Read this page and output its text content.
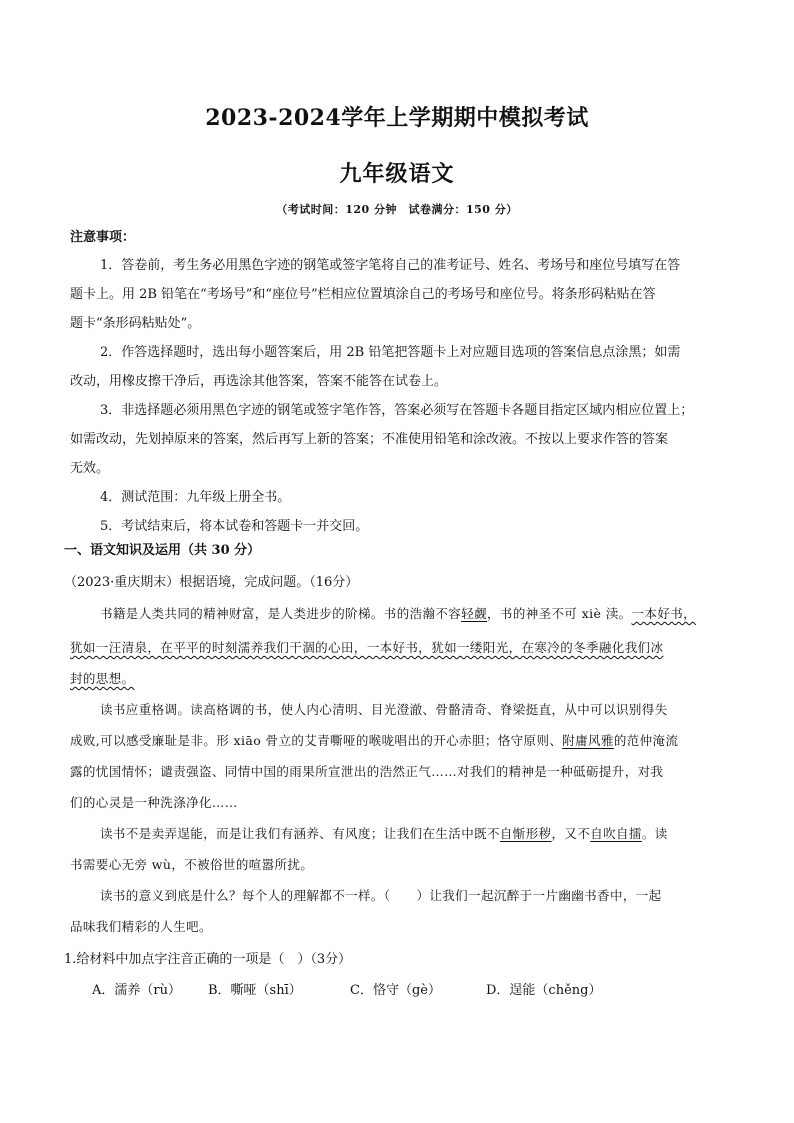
2023-2024学年上学期期中模拟考试
九年级语文
（考试时间：120 分钟　试卷满分：150 分）
注意事项：
1．答卷前，考生务必用黑色字迹的钢笔或签字笔将自己的准考证号、姓名、考场号和座位号填写在答
题卡上。用 2B 铅笔在“考场号”和“座位号”栏相应位置填涂自己的考场号和座位号。将条形码粘贴在答
题卡“条形码粘贴处”。
2．作答选择题时，选出每小题答案后，用 2B 铅笔把答题卡上对应题目选项的答案信息点涂黑；如需
改动，用橡皮擦干净后，再选涂其他答案，答案不能答在试卷上。
3．非选择题必须用黑色字迹的钢笔或签字笔作答，答案必须写在答题卡各题目指定区域内相应位置上；
如需改动，先划掉原来的答案，然后再写上新的答案；不准使用铅笔和涂改液。不按以上要求作答的答案
无效。
4．测试范围：九年级上册全书。
5．考试结束后，将本试卷和答题卡一并交回。
一、语文知识及运用（共 30 分）
（2023·重庆期末）根据语境，完成问题。（16分）
书籍是人类共同的精神财富，是人类进步的阶梯。书的浩瀚不容轻觑，书的神圣不可 xiè 渎。一本好书，
犹如一汪清泉，在平平的时刻濡养我们干涸的心田，一本好书，犹如一缕阳光，在寒冷的冬季融化我们冰
封的思想。
读书应重格调。读高格调的书，使人内心清明、目光澄澈、骨骼清奇、脊梁挺直，从中可以识别得失
成败,可以感受廉耻是非。形 xiāo 骨立的艾青嘶哑的喉咙唱出的开心赤胆；恪守原则、附庸风雅的范仲淹流
露的忧国情怀；谴责强盗、同情中国的雨果所宣泄出的浩然正气……对我们的精神是一种砥砺提升，对我
们的心灵是一种洗涤净化……
读书不是卖弄逞能，而是让我们有涵养、有风度；让我们在生活中既不自惭形秽，又不自吹自擂。读
书需要心无旁 wù，不被俗世的喧嚣所扰。
读书的意义到底是什么？每个人的理解都不一样。（ ）让我们一起沉醉于一片幽幽书香中，一起
品味我们精彩的人生吧。
1.给材料中加点字注音正确的一项是（　）（3分）
A．濡养（rù） B．嘶哑（shī）	C．恪守（gè）	D．逞能（chěng）
